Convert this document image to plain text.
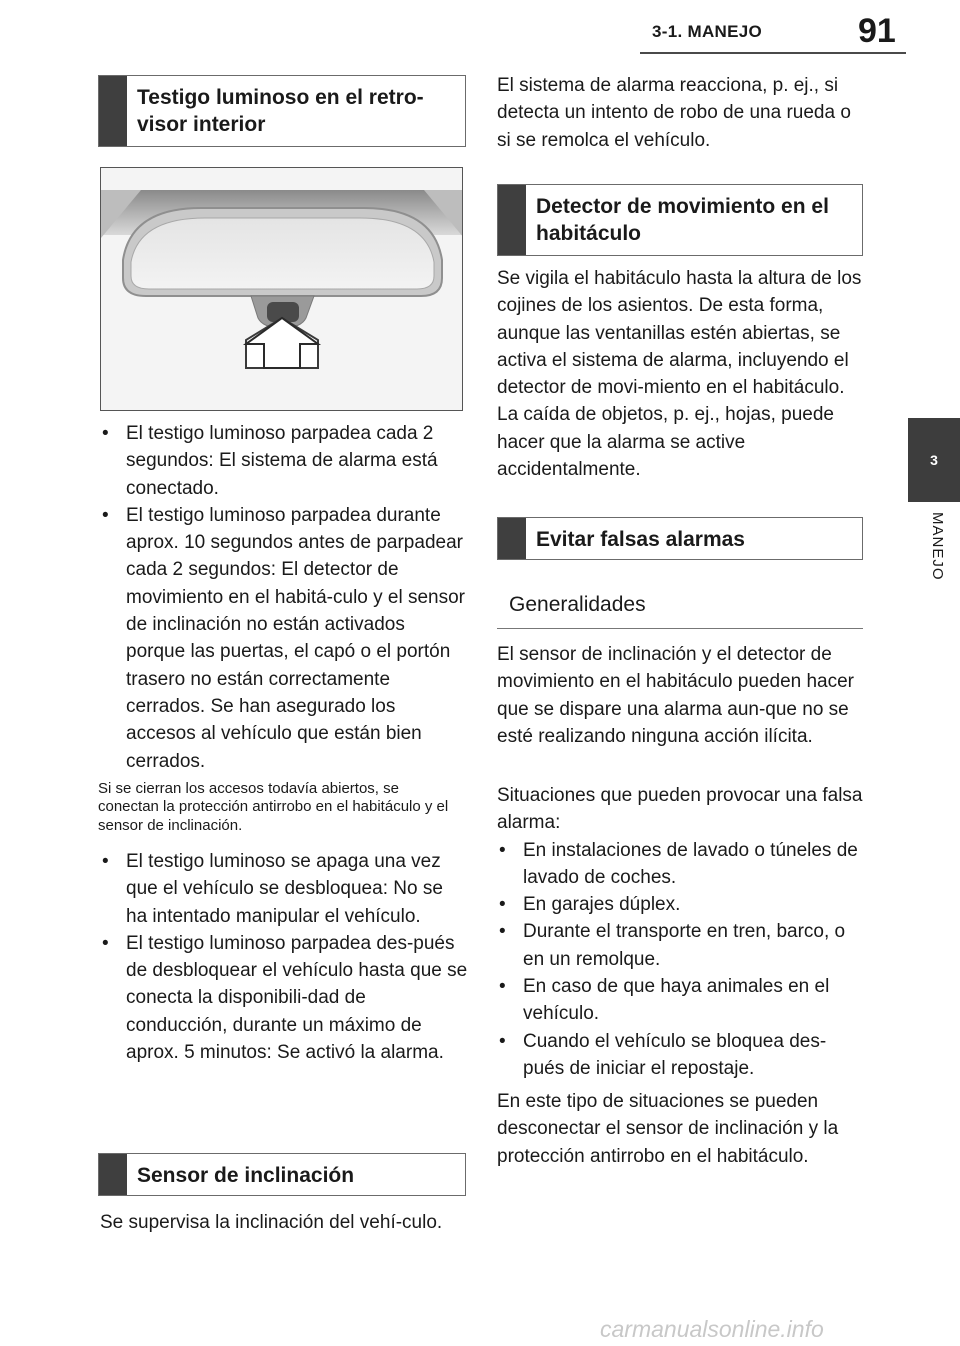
3-1. MANEJO	91
3
MANEJO
Testigo luminoso en el retro-visor interior
• El testigo luminoso parpadea cada 2 segundos: El sistema de alarma está conectado.
• El testigo luminoso parpadea durante aprox. 10 segundos antes de parpadear cada 2 segundos: El detector de movimiento en el habitá-culo y el sensor de inclinación no están activados porque las puertas, el capó o el portón trasero no están correctamente cerrados. Se han asegurado los accesos al vehículo que están bien cerrados.
Si se cierran los accesos todavía abiertos, se conectan la protección antirrobo en el habitáculo y el sensor de inclinación.
• El testigo luminoso se apaga una vez que el vehículo se desbloquea: No se ha intentado manipular el vehículo.
• El testigo luminoso parpadea des-pués de desbloquear el vehículo hasta que se conecta la disponibili-dad de conducción, durante un máximo de aprox. 5 minutos: Se activó la alarma.
Sensor de inclinación

Se supervisa la inclinación del vehí-culo.

El sistema de alarma reacciona, p. ej., si detecta un intento de robo de una rueda o si se remolca el vehículo.

Detector de movimiento en el habitáculo

Se vigila el habitáculo hasta la altura de los cojines de los asientos. De esta forma, aunque las ventanillas estén abiertas, se activa el sistema de alarma, incluyendo el detector de movi-miento en el habitáculo. La caída de objetos, p. ej., hojas, puede hacer que la alarma se active accidentalmente.

Evitar falsas alarmas
Generalidades

El sensor de inclinación y el detector de movimiento en el habitáculo pueden hacer que se dispare una alarma aun-que no se esté realizando ninguna acción ilícita.

Situaciones que pueden provocar una falsa alarma:

• En instalaciones de lavado o túneles de lavado de coches.
• En garajes dúplex.
• Durante el transporte en tren, barco, o en un remolque.
• En caso de que haya animales en el vehículo.
• Cuando el vehículo se bloquea des-pués de iniciar el repostaje.

En este tipo de situaciones se pueden desconectar el sensor de inclinación y la protección antirrobo en el habitáculo.

carmanualsonline.info
